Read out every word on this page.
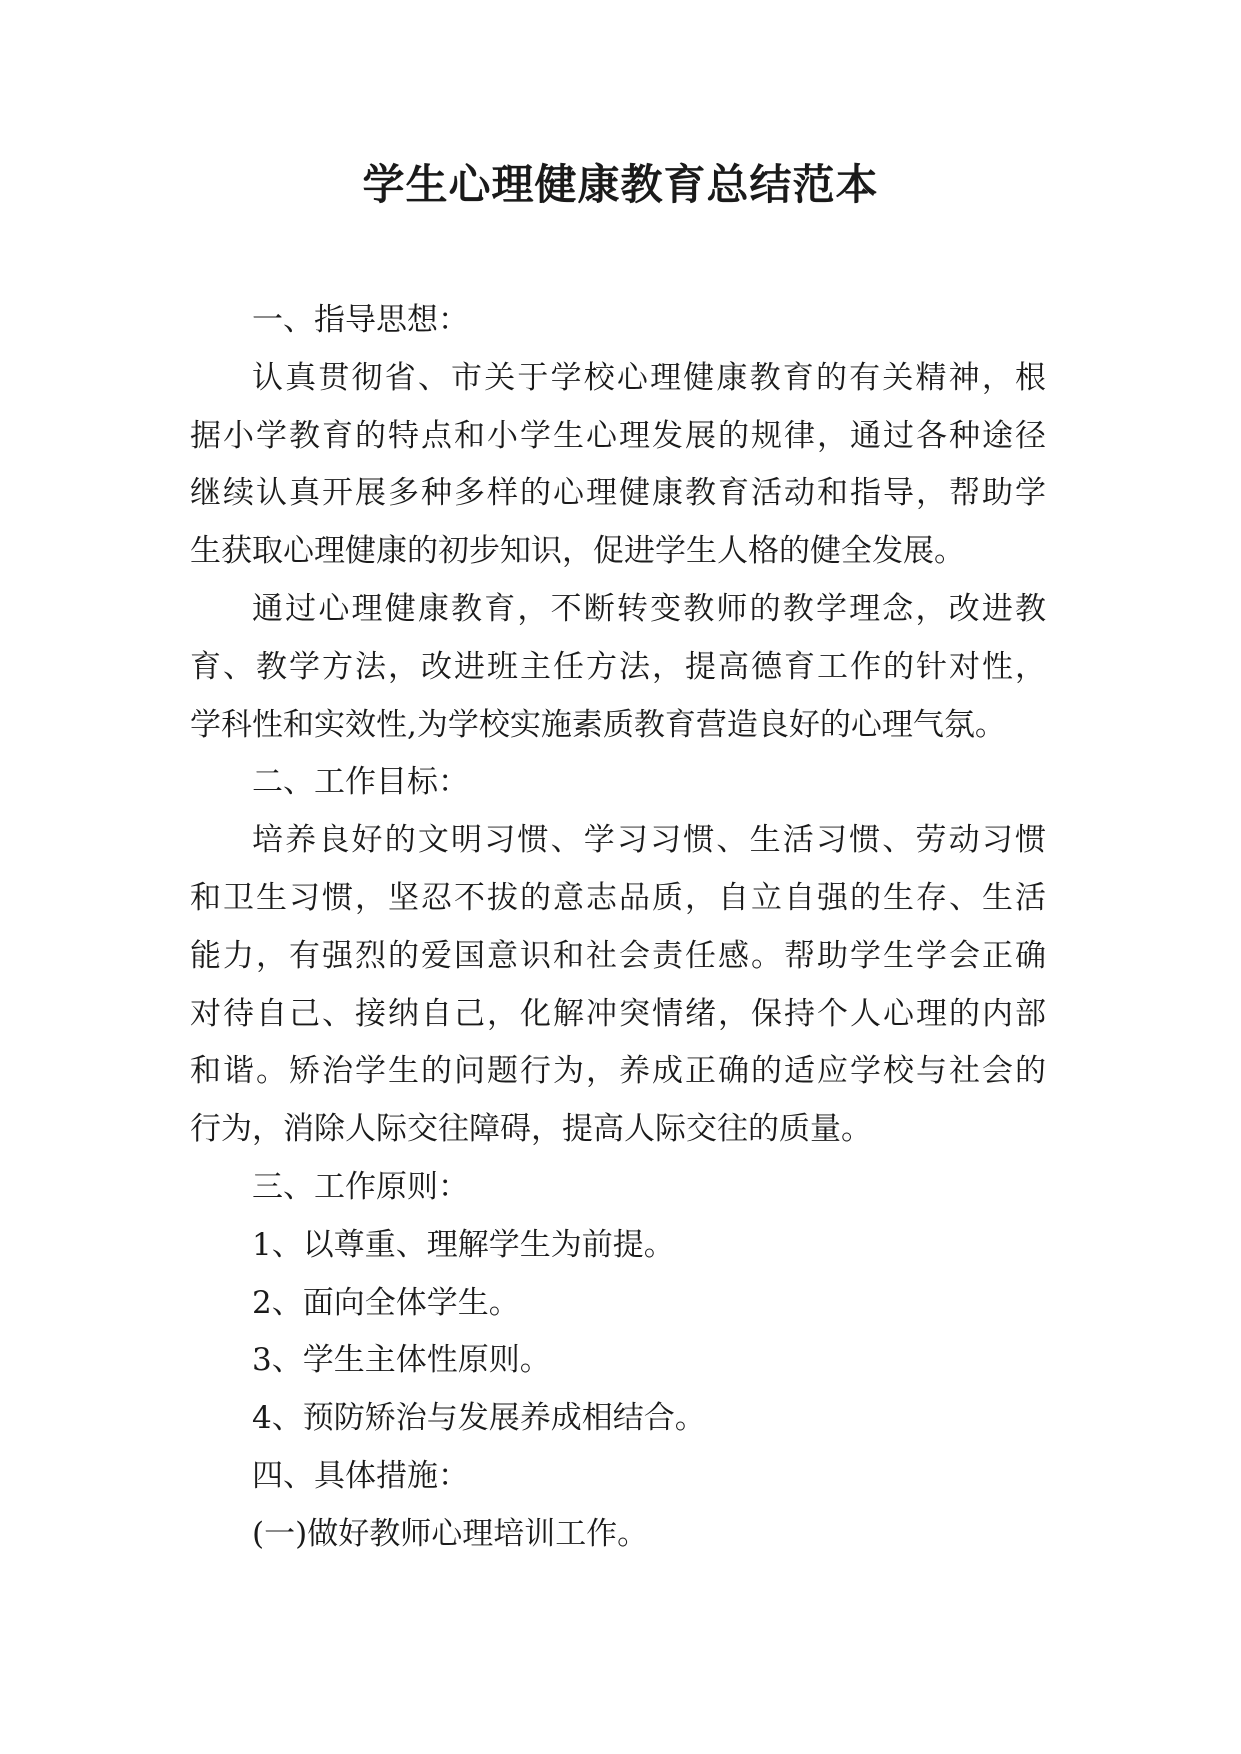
学生心理健康教育总结范本

一、指导思想：

认真贯彻省、市关于学校心理健康教育的有关精神，根
据小学教育的特点和小学生心理发展的规律，通过各种途径
继续认真开展多种多样的心理健康教育活动和指导，帮助学
生获取心理健康的初步知识，促进学生人格的健全发展。
通过心理健康教育，不断转变教师的教学理念，改进教
育、教学方法，改进班主任方法，提高德育工作的针对性，
学科性和实效性,为学校实施素质教育营造良好的心理气氛。

二、工作目标：

培养良好的文明习惯、学习习惯、生活习惯、劳动习惯
和卫生习惯，坚忍不拔的意志品质，自立自强的生存、生活
能力，有强烈的爱国意识和社会责任感。帮助学生学会正确
对待自己、接纳自己，化解冲突情绪，保持个人心理的内部
和谐。矫治学生的问题行为，养成正确的适应学校与社会的
行为，消除人际交往障碍，提高人际交往的质量。

三、工作原则：

1、以尊重、理解学生为前提。

2、面向全体学生。

3、学生主体性原则。

4、预防矫治与发展养成相结合。

四、具体措施：

(一)做好教师心理培训工作。
